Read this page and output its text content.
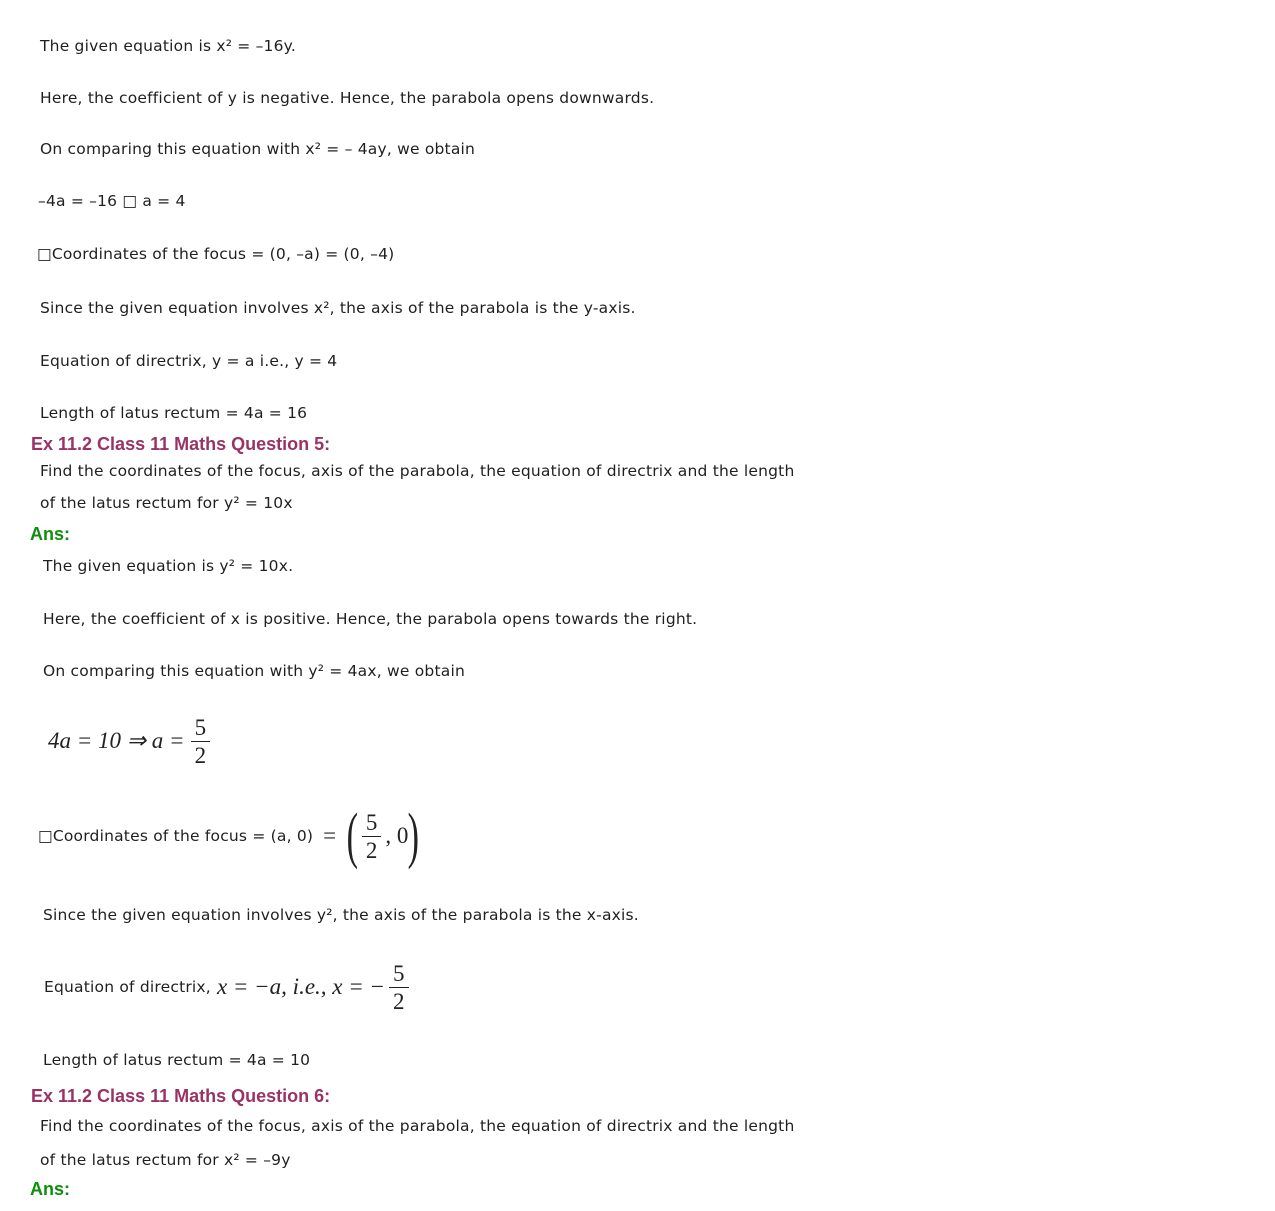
The given equation is x² = –16y.
Here, the coefficient of y is negative. Hence, the parabola opens downwards.
On comparing this equation with x² = – 4ay, we obtain
–4a = –16 □ a = 4
□Coordinates of the focus = (0, –a) = (0, –4)
Since the given equation involves x², the axis of the parabola is the y-axis.
Equation of directrix, y = a i.e., y = 4
Length of latus rectum = 4a = 16
Ex 11.2 Class 11 Maths Question 5:
Find the coordinates of the focus, axis of the parabola, the equation of directrix and the length
of the latus rectum for y² = 10x
Ans:
The given equation is y² = 10x.
Here, the coefficient of x is positive. Hence, the parabola opens towards the right.
On comparing this equation with y² = 4ax, we obtain
4a = 10 ⇒ $a = \frac{5}{2}$
□Coordinates of the focus = (a, 0) = ( $\frac{5}{2}$ , 0 )
Since the given equation involves y², the axis of the parabola is the x-axis.
Equation of directrix, x = −a, i.e., x = − $\frac{5}{2}$
Length of latus rectum = 4a = 10
Ex 11.2 Class 11 Maths Question 6:
Find the coordinates of the focus, axis of the parabola, the equation of directrix and the length
of the latus rectum for x² = –9y
Ans:
